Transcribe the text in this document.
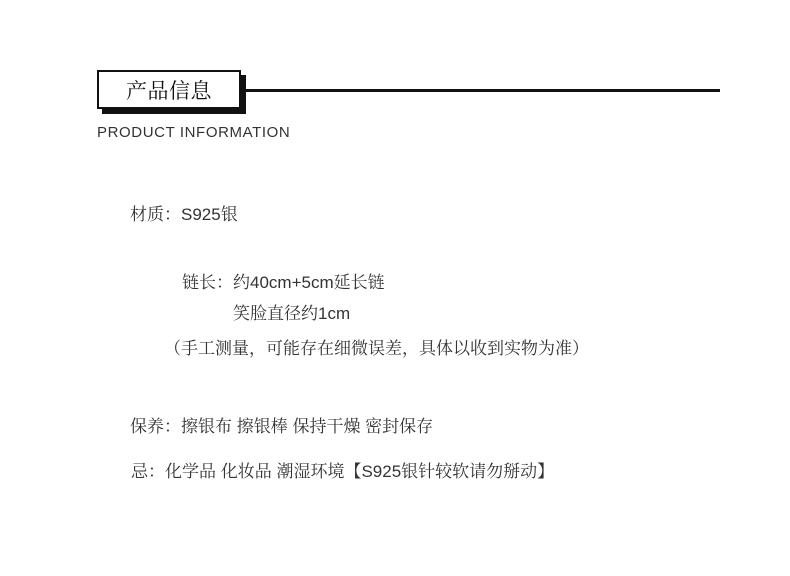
产品信息
PRODUCT INFORMATION
材质：S925银
链长：约40cm+5cm延长链
笑脸直径约1cm
（手工测量，可能存在细微误差，具体以收到实物为准）
保养：擦银布 擦银棒 保持干燥 密封保存
忌：化学品 化妆品 潮湿环境【S925银针较软请勿掰动】
